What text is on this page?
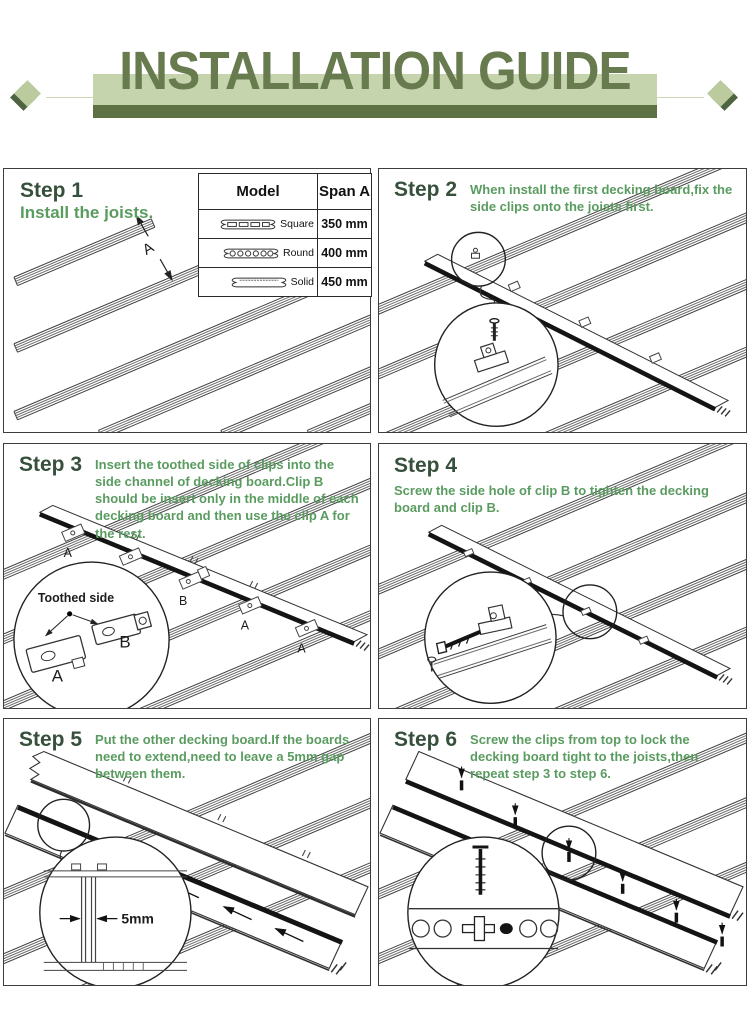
INSTALLATION GUIDE
A
Step 1
Install the joists.
Model	Span A

Square	350 mm

Round	400 mm

Solid	450 mm
Step 2 When install the first decking board,fix the side clips onto the joists first.
A
B
A
A
Toothed side
A
B
Step 3 Insert the toothed side of clips into the side channel of decking board.Clip B should be insert only in the middle of each decking board and then use the clip A for the rest.
Step 4
Screw the side hole of clip B to tighten the decking board and clip B.
5mm
Step 5 Put the other decking board.If the boards need to extend,need to leave a 5mm gap between them.
Step 6 Screw the clips from top to lock the decking board tight to the joists,then repeat step 3 to step 6.
